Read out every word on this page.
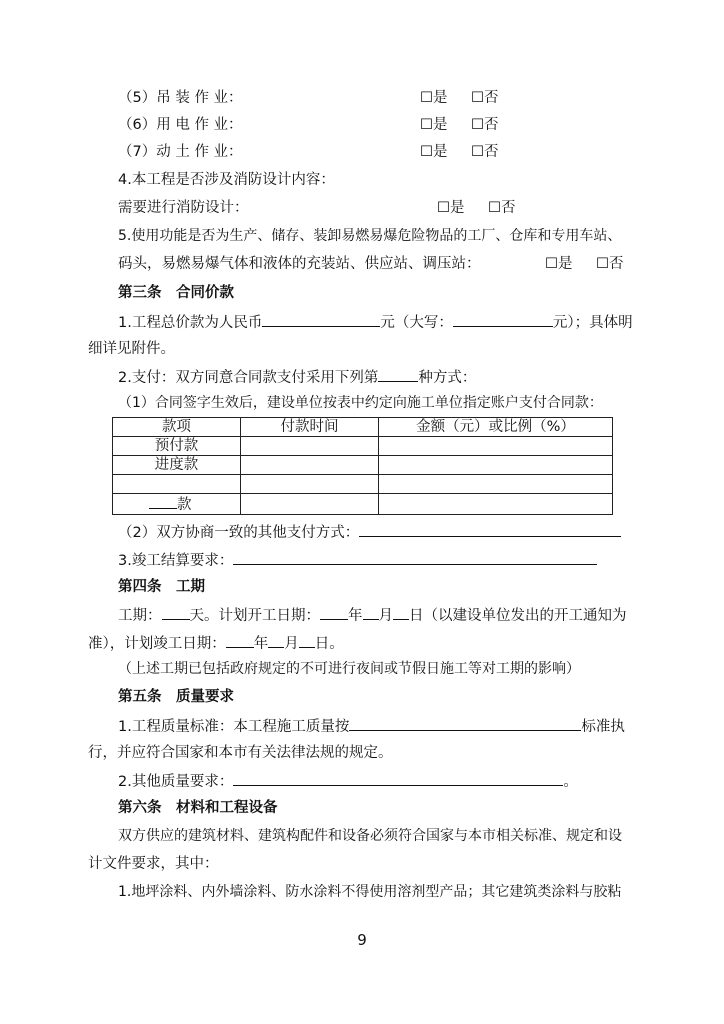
（5）吊 装 作 业：	☐是 ☐否
（6）用 电 作 业：	☐是 ☐否
（7）动 土 作 业：	☐是 ☐否
4.本工程是否涉及消防设计内容：
需要进行消防设计：	☐是 ☐否
5.使用功能是否为生产、储存、装卸易燃易爆危险物品的工厂、仓库和专用车站、
码头，易燃易爆气体和液体的充装站、供应站、调压站：	☐是 ☐否
第三条　合同价款
1.工程总价款为人民币	元（大写：	元）；具体明
细详见附件。
2.支付：双方同意合同款支付采用下列第	种方式：
（1）合同签字生效后，建设单位按表中约定向施工单位指定账户支付合同款：
款项	付款时间	金额（元）或比例（%）
预付款		
进度款		

款		
（2）双方协商一致的其他支付方式：
3.竣工结算要求：
第四条　工期
工期： 天。计划开工日期： 年 月 日（以建设单位发出的开工通知为
准），计划竣工日期： 年 月 日。
（上述工期已包括政府规定的不可进行夜间或节假日施工等对工期的影响）
第五条　质量要求
1.工程质量标准：本工程施工质量按	标准执
行，并应符合国家和本市有关法律法规的规定。
2.其他质量要求：	。
第六条　材料和工程设备
双方供应的建筑材料、建筑构配件和设备必须符合国家与本市相关标准、规定和设
计文件要求，其中：
1.地坪涂料、内外墙涂料、防水涂料不得使用溶剂型产品；其它建筑类涂料与胶粘
9
